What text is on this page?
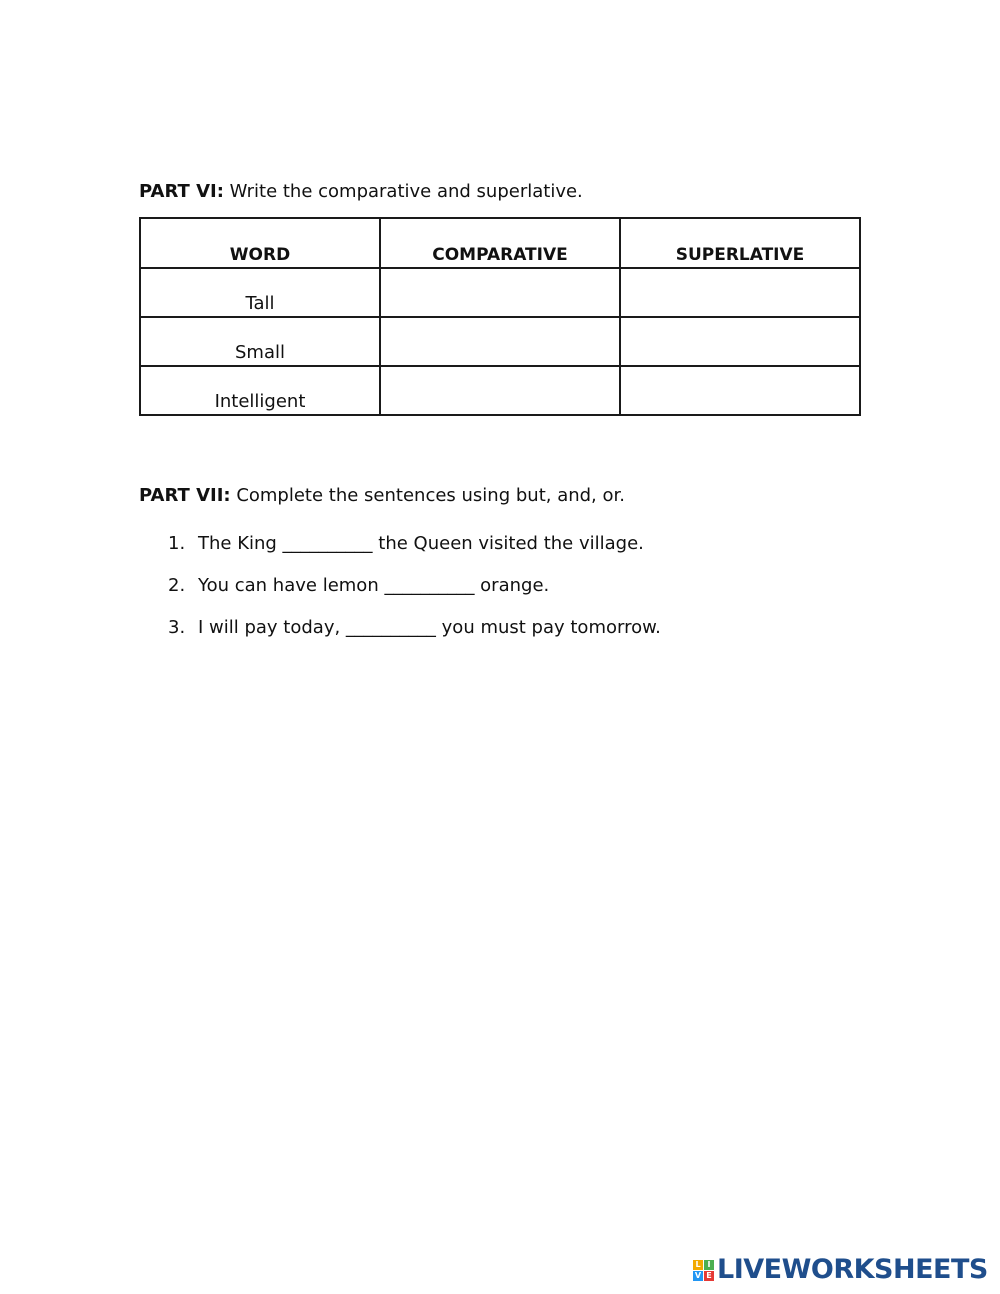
PART VI: Write the comparative and superlative.
WORD	COMPARATIVE	SUPERLATIVE
Tall		
Small		
Intelligent		
PART VII: Complete the sentences using but, and, or.
1. The King __________ the Queen visited the village.
2. You can have lemon __________ orange.
3. I will pay today, __________ you must pay tomorrow.
L I
V E LIVEWORKSHEETS
